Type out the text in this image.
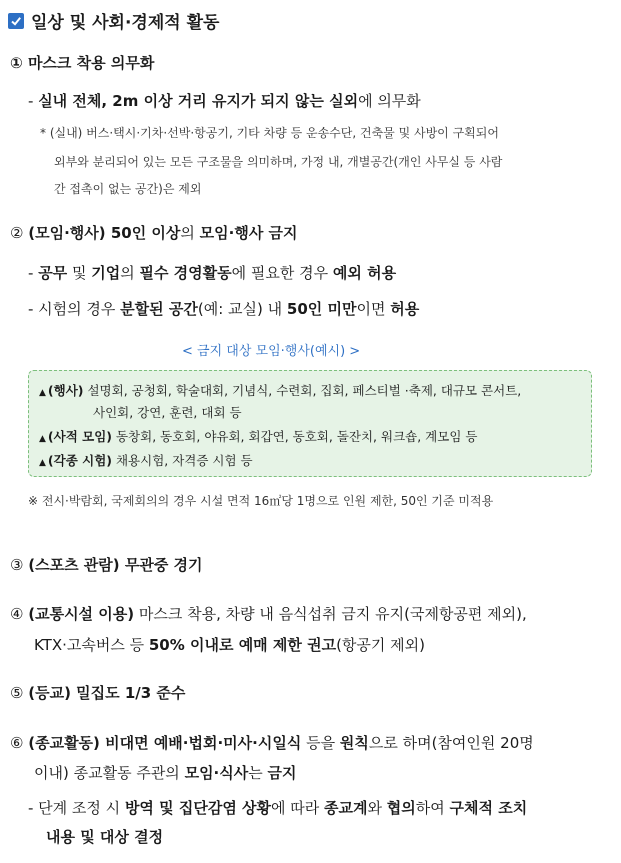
일상 및 사회·경제적 활동
① 마스크 착용 의무화
- 실내 전체, 2m 이상 거리 유지가 되지 않는 실외에 의무화
* (실내) 버스·택시·기차·선박·항공기, 기타 차량 등 운송수단, 건축물 및 사방이 구획되어
외부와 분리되어 있는 모든 구조물을 의미하며, 가정 내, 개별공간(개인 사무실 등 사람
간 접촉이 없는 공간)은 제외
② (모임·행사) 50인 이상의 모임·행사 금지
- 공무 및 기업의 필수 경영활동에 필요한 경우 예외 허용
- 시험의 경우 분할된 공간(예: 교실) 내 50인 미만이면 허용
< 금지 대상 모임·행사(예시) >
▲ (행사) 설명회, 공청회, 학술대회, 기념식, 수련회, 집회, 페스티벌 ·축제, 대규모 콘서트,
사인회, 강연, 훈련, 대회 등
▲ (사적 모임) 동창회, 동호회, 야유회, 회갑연, 동호회, 돌잔치, 워크숍, 계모임 등
▲ (각종 시험) 채용시험, 자격증 시험 등
※ 전시·박람회, 국제회의의 경우 시설 면적 16㎡당 1명으로 인원 제한, 50인 기준 미적용
③ (스포츠 관람) 무관중 경기
④ (교통시설 이용) 마스크 착용, 차량 내 음식섭취 금지 유지(국제항공편 제외),
KTX·고속버스 등 50% 이내로 예매 제한 권고(항공기 제외)
⑤ (등교) 밀집도 1/3 준수
⑥ (종교활동) 비대면 예배·법회·미사·시일식 등을 원칙으로 하며(참여인원 20명
이내) 종교활동 주관의 모임·식사는 금지
- 단계 조정 시 방역 및 집단감염 상황에 따라 종교계와 협의하여 구체적 조치
내용 및 대상 결정
